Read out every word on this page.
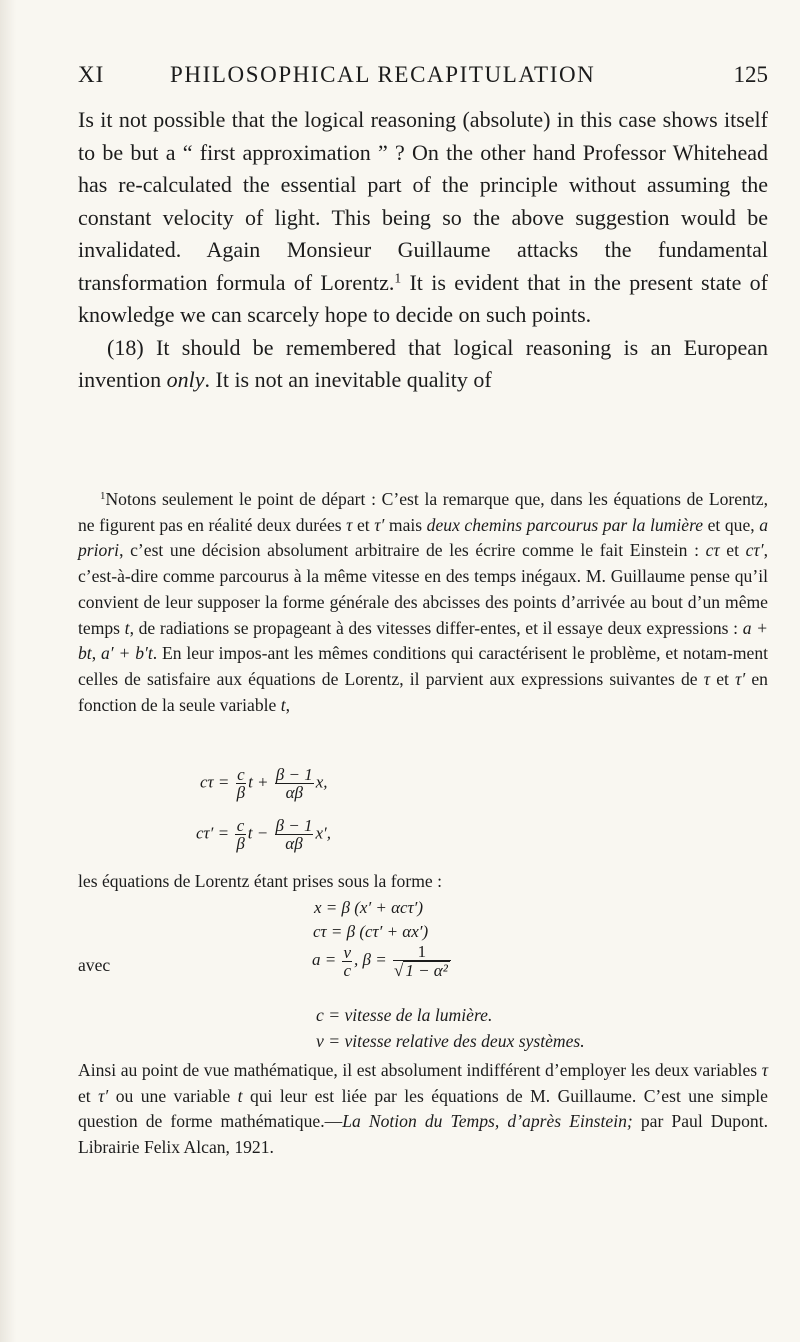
XI	PHILOSOPHICAL RECAPITULATION	125

Is it not possible that the logical reasoning (absolute) in this case shows itself to be but a “ first approximation ” ? On the other hand Professor Whitehead has re-calculated the essential part of the principle without assuming the constant velocity of light. This being so the above suggestion would be invalidated. Again Monsieur Guillaume attacks the fundamental transformation formula of Lorentz.$^1$ It is evident that in the present state of knowledge we can scarcely hope to decide on such points.

(18) It should be remembered that logical reasoning is an European invention only. It is not an inevitable quality of

$^1$Notons seulement le point de départ : C’est la remarque que, dans les équations de Lorentz, ne figurent pas en réalité deux durées τ et τ′ mais deux chemins parcourus par la lumière et que, a priori, c’est une décision absolument arbitraire de les écrire comme le fait Einstein : cτ et cτ′, c’est-à-dire comme parcourus à la même vitesse en des temps inégaux. M. Guillaume pense qu’il convient de leur supposer la forme générale des abcisses des points d’arrivée au bout d’un même temps t, de radiations se propageant à des vitesses differ-entes, et il essaye deux expressions : a + bt, a′ + b′t. En leur impos-ant les mêmes conditions qui caractérisent le problème, et notam-ment celles de satisfaire aux équations de Lorentz, il parvient aux expressions suivantes de τ et τ′ en fonction de la seule variable t,

$c\tau = \frac{c}{\beta}$ $t + \frac{\beta - 1}{\alpha\beta} x$,
$c\tau' = \frac{c}{\beta}$ $t - \frac{\beta - 1}{\alpha\beta} x'$,
les équations de Lorentz étant prises sous la forme :
x = β (x′ + αcτ′)
cτ = β (cτ′ + αx′)
avec	$a = \frac{v}{c}$ , $\beta = \frac{1}{\text{√ 1 − α²}}$
c = vitesse de la lumière.
v = vitesse relative des deux systèmes.

Ainsi au point de vue mathématique, il est absolument indifférent d’employer les deux variables τ et τ′ ou une variable t qui leur est liée par les équations de M. Guillaume. C’est une simple question de forme mathématique.—La Notion du Temps, d’après Einstein; par Paul Dupont. Librairie Felix Alcan, 1921.
